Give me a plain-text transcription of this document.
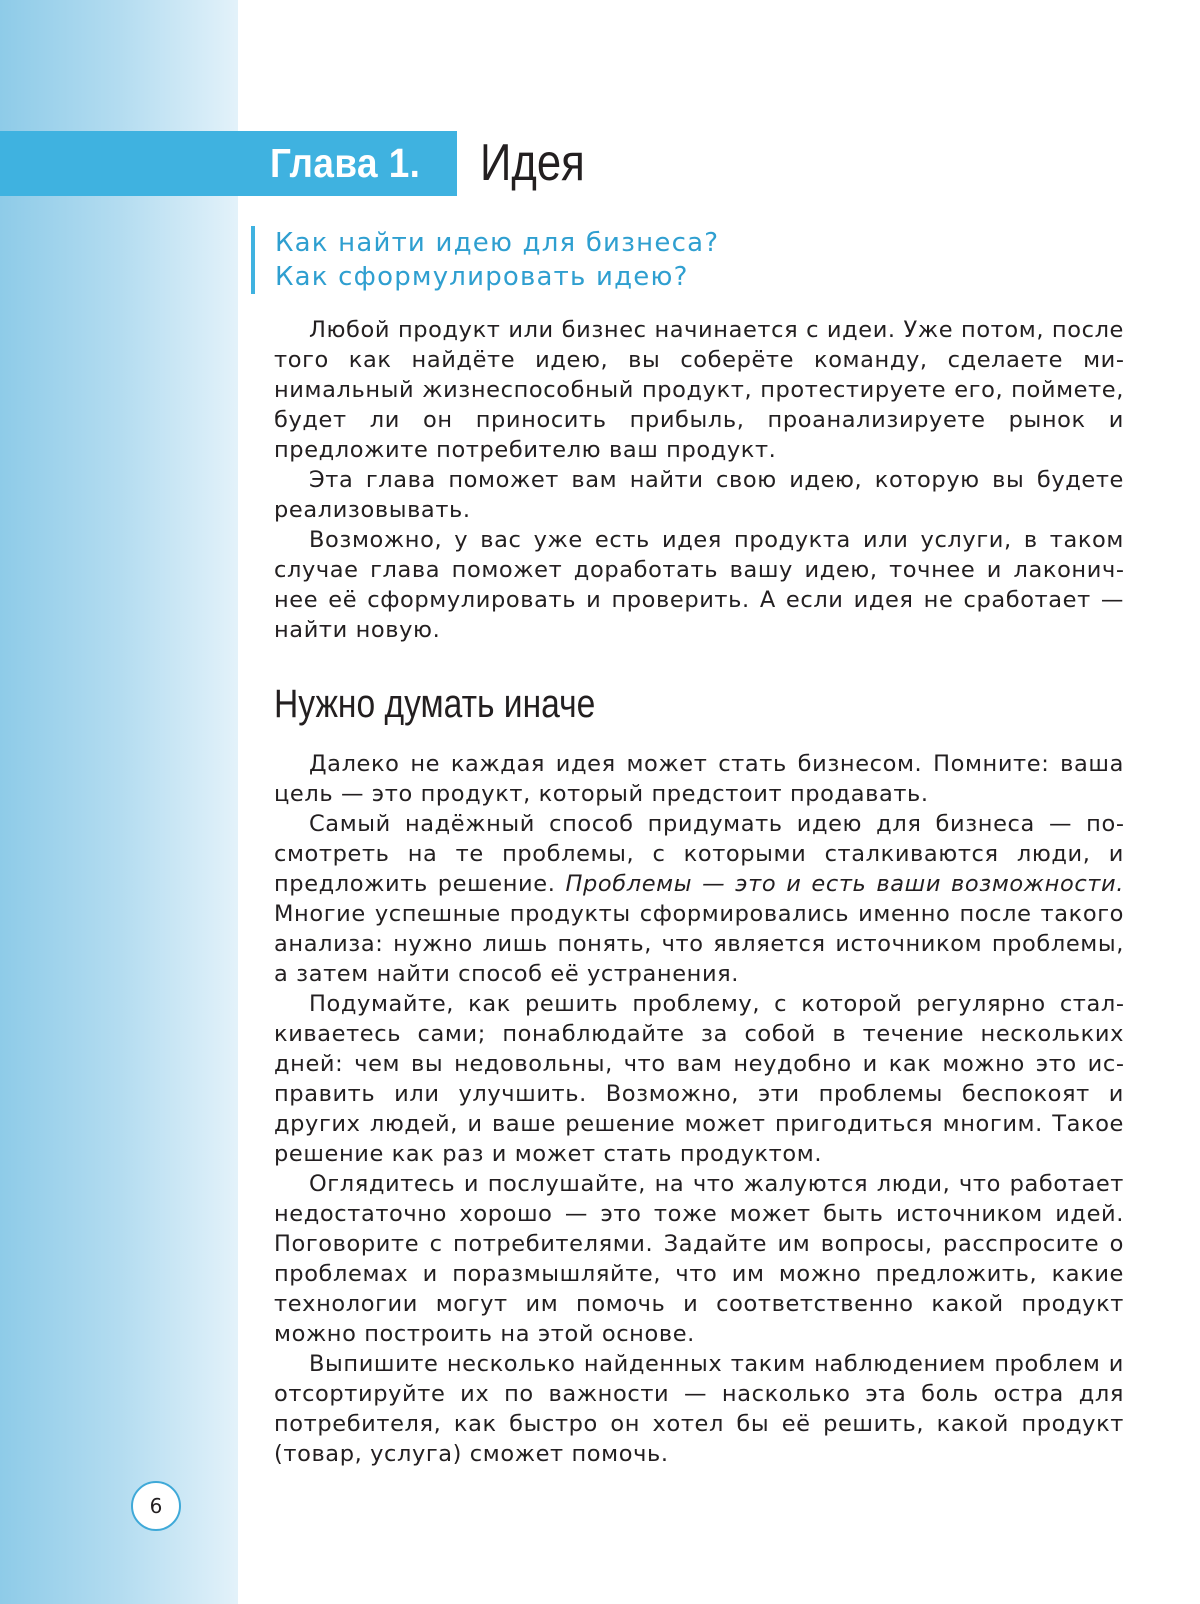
Глава 1. Идея
Как найти идею для бизнеса?
Как сформулировать идею?

Любой продукт или бизнес начинается с идеи. Уже потом, после того как найдёте идею, вы соберёте команду, сделаете минимальный жизнеспособный продукт, протестируете его, поймете, будет ли он приносить прибыль, проанализируете рынок и предложите потребителю ваш продукт.

Эта глава поможет вам найти свою идею, которую вы будете реализовывать.

Возможно, у вас уже есть идея продукта или услуги, в таком случае глава поможет доработать вашу идею, точнее и лаконичнее её сформулировать и проверить. А если идея не сработает — найти новую.

Нужно думать иначе

Далеко не каждая идея может стать бизнесом. Помните: ваша цель — это продукт, который предстоит продавать.

Самый надёжный способ придумать идею для бизнеса — посмотреть на те проблемы, с которыми сталкиваются люди, и предложить решение. Проблемы — это и есть ваши возможности. Многие успешные продукты сформировались именно после такого анализа: нужно лишь понять, что является источником проблемы, а затем найти способ её устранения.

Подумайте, как решить проблему, с которой регулярно сталкиваетесь сами; понаблюдайте за собой в течение нескольких дней: чем вы недовольны, что вам неудобно и как можно это исправить или улучшить. Возможно, эти проблемы беспокоят и других людей, и ваше решение может пригодиться многим. Такое решение как раз и может стать продуктом.

Оглядитесь и послушайте, на что жалуются люди, что работает недостаточно хорошо — это тоже может быть источником идей. Поговорите с потребителями. Задайте им вопросы, расспросите о проблемах и поразмышляйте, что им можно предложить, какие технологии могут им помочь и соответственно какой продукт можно построить на этой основе.

Выпишите несколько найденных таким наблюдением проблем и отсортируйте их по важности — насколько эта боль остра для потребителя, как быстро он хотел бы её решить, какой продукт (товар, услуга) сможет помочь.

6
